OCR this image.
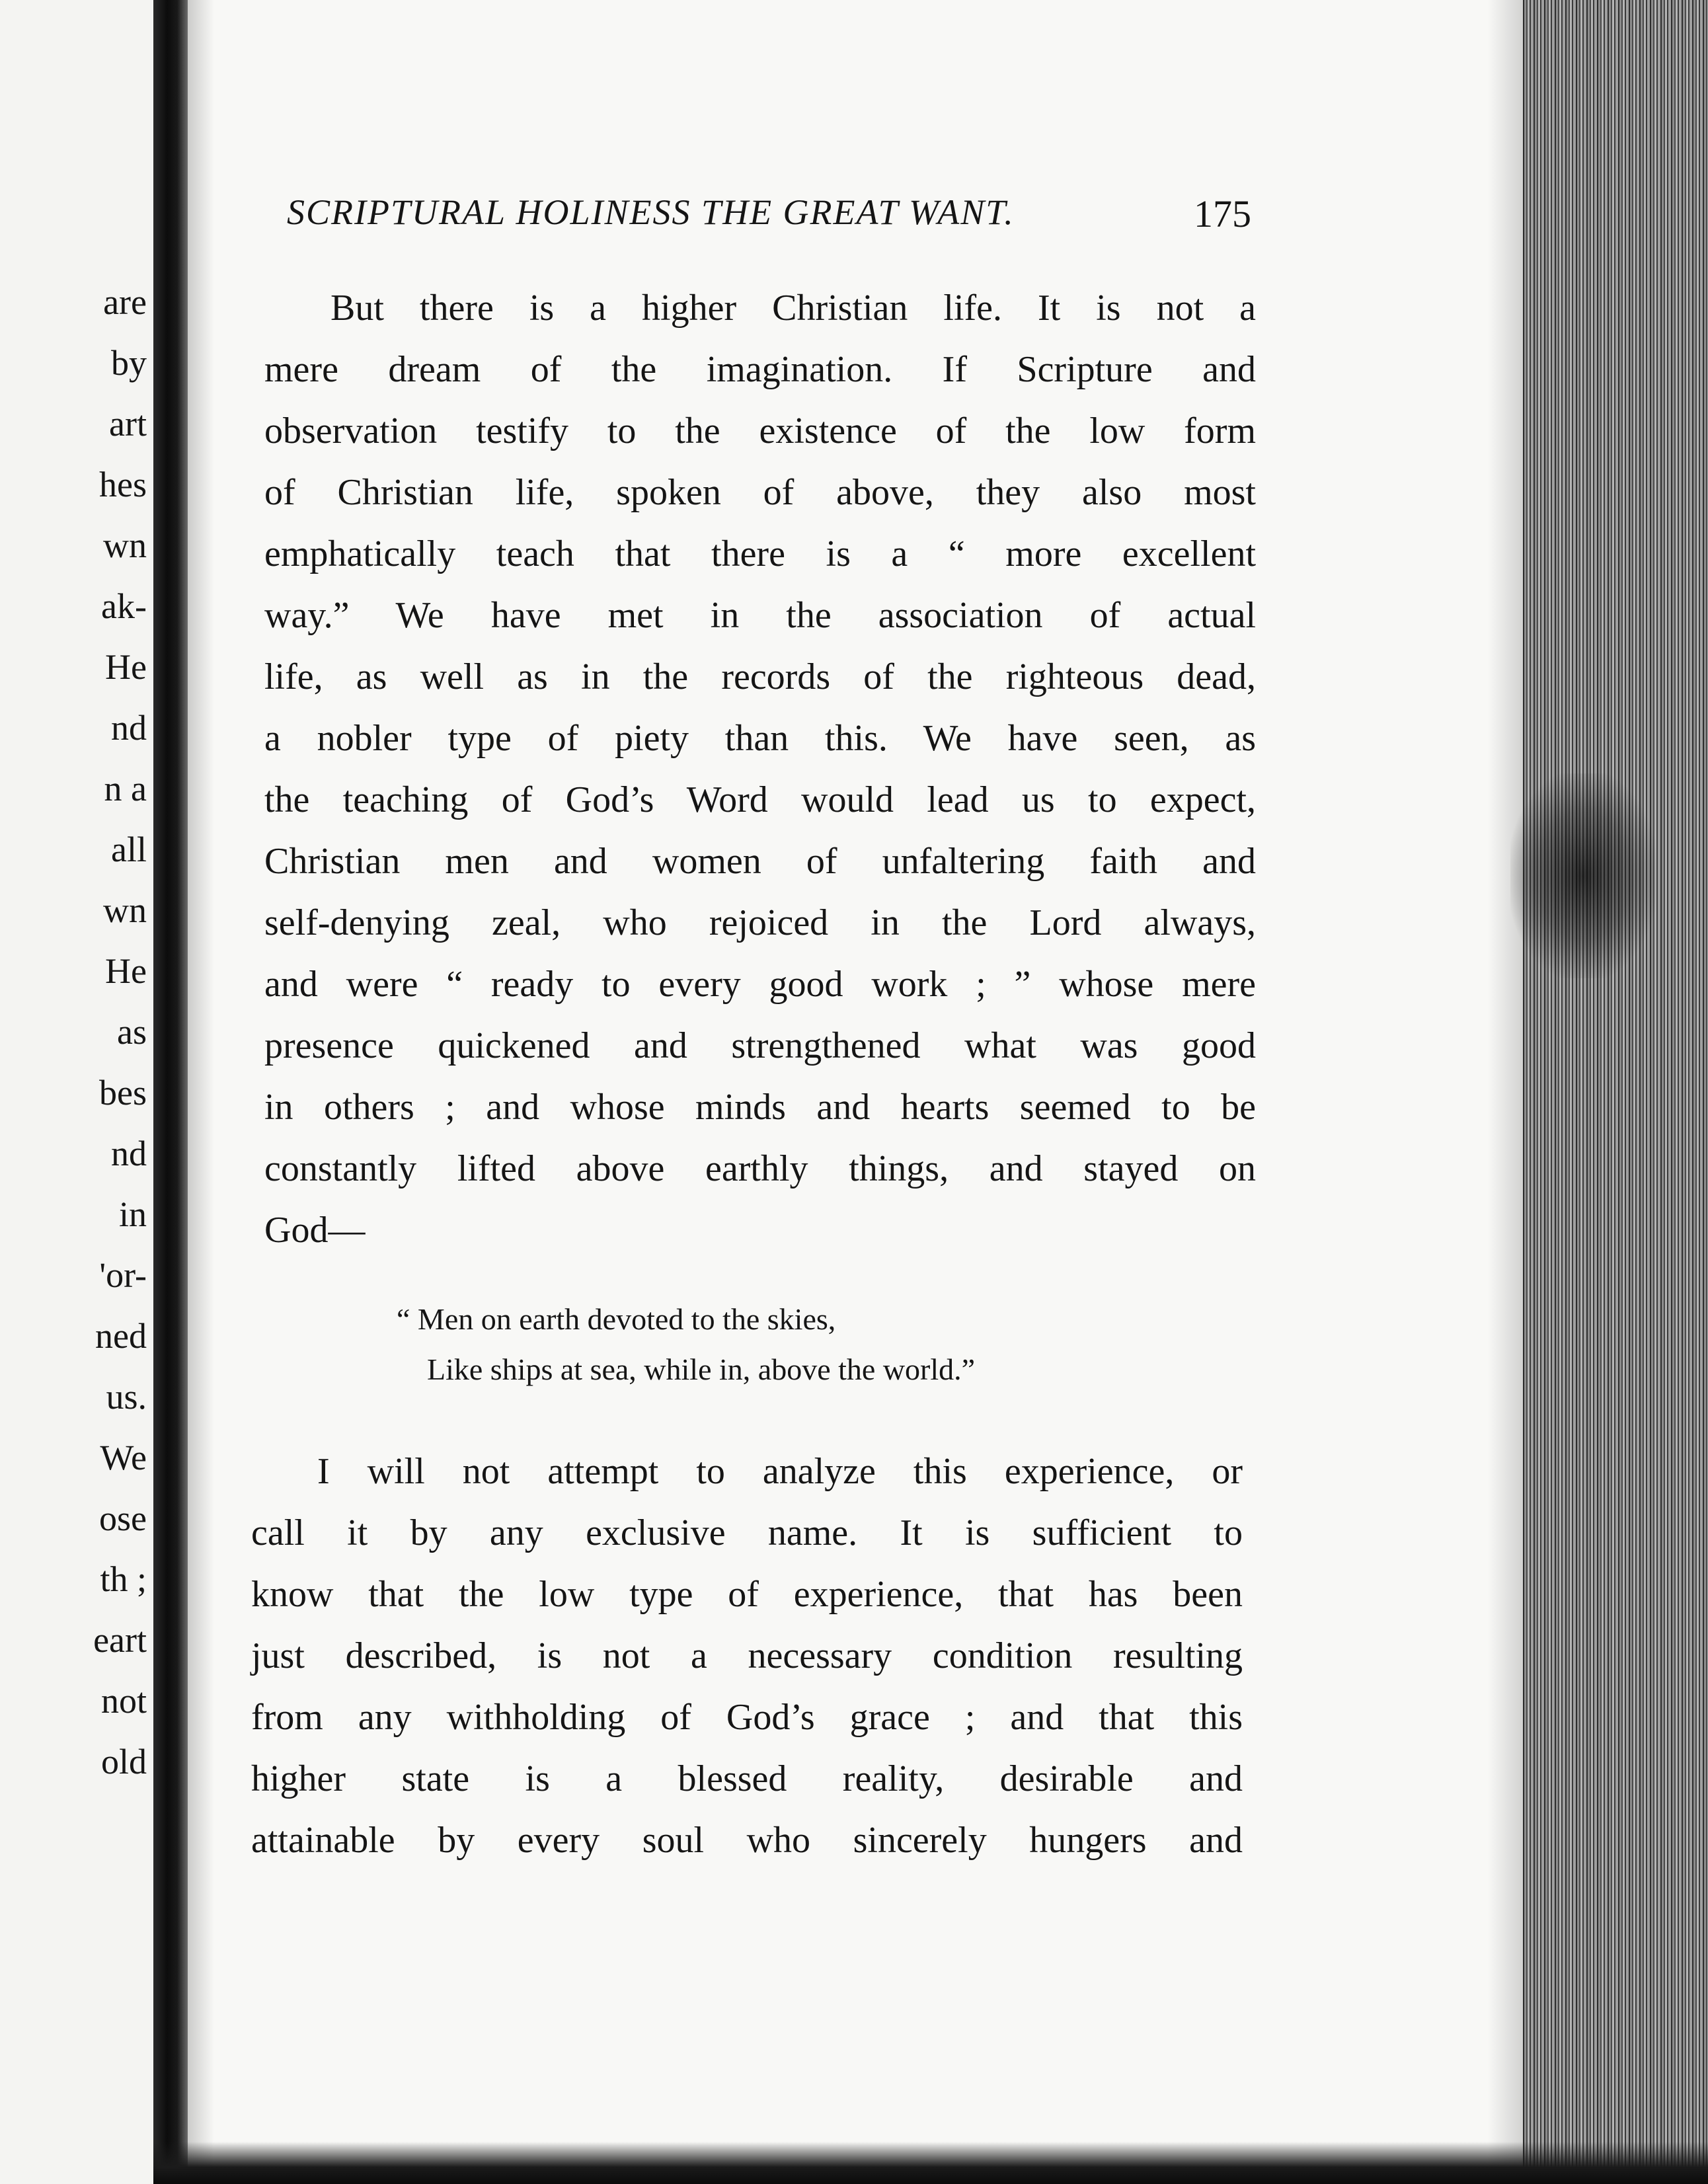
are
by
art
hes
wn
ak-
He
nd
n a
all
wn
He
as
bes
nd
in
'or-
ned
us.
We
ose
th ;
eart
not
old
SCRIPTURAL HOLINESS THE GREAT WANT.	175
But there is a higher Christian life. It is not a
mere dream of the imagination. If Scripture and
observation testify to the existence of the low form
of Christian life, spoken of above, they also most
emphatically teach that there is a “ more excellent
way.” We have met in the association of actual
life, as well as in the records of the righteous dead,
a nobler type of piety than this. We have seen, as
the teaching of God’s Word would lead us to expect,
Christian men and women of unfaltering faith and
self-denying zeal, who rejoiced in the Lord always,
and were “ ready to every good work ; ” whose mere
presence quickened and strengthened what was good
in others ; and whose minds and hearts seemed to be
constantly lifted above earthly things, and stayed on
God—
“ Men on earth devoted to the skies,
Like ships at sea, while in, above the world.”
I will not attempt to analyze this experience, or
call it by any exclusive name. It is sufficient to
know that the low type of experience, that has been
just described, is not a necessary condition resulting
from any withholding of God’s grace ; and that this
higher state is a blessed reality, desirable and
attainable by every soul who sincerely hungers and
